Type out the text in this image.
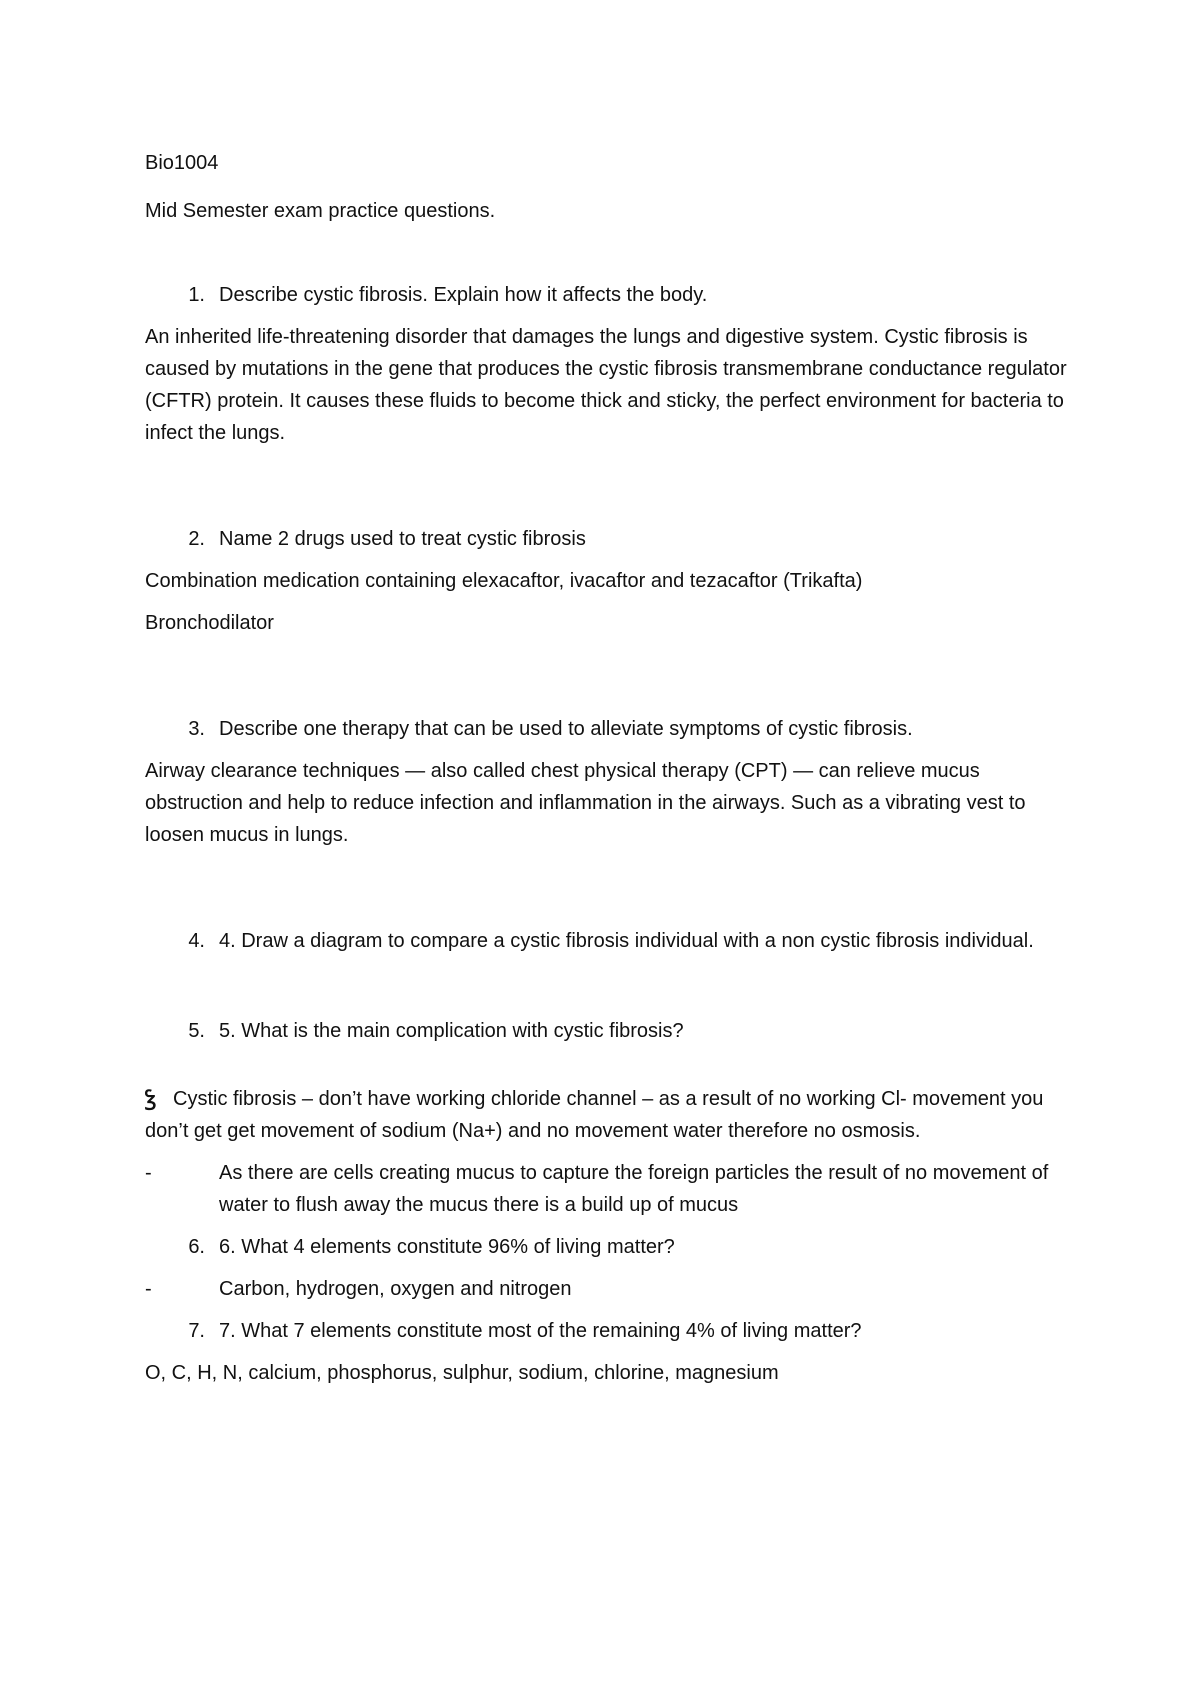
Bio1004

Mid Semester exam practice questions.

1. Describe cystic fibrosis. Explain how it affects the body.

An inherited life-threatening disorder that damages the lungs and digestive system. Cystic fibrosis is caused by mutations in the gene that produces the cystic fibrosis transmembrane conductance regulator (CFTR) protein. It causes these fluids to become thick and sticky, the perfect environment for bacteria to infect the lungs.

2. Name 2 drugs used to treat cystic fibrosis

Combination medication containing elexacaftor, ivacaftor and tezacaftor (Trikafta)

Bronchodilator

3. Describe one therapy that can be used to alleviate symptoms of cystic fibrosis.

Airway clearance techniques — also called chest physical therapy (CPT) — can relieve mucus obstruction and help to reduce infection and inflammation in the airways. Such as a vibrating vest to loosen mucus in lungs.

4. 4. Draw a diagram to compare a cystic fibrosis individual with a non cystic fibrosis individual.
5. 5. What is the main complication with cystic fibrosis?

Ꝣ Cystic fibrosis – don’t have working chloride channel – as a result of no working Cl- movement you don’t get get movement of sodium (Na+) and no movement water therefore no osmosis.

-	As there are cells creating mucus to capture the foreign particles the result of no movement of water to flush away the mucus there is a build up of mucus
6. 6. What 4 elements constitute 96% of living matter?
-	Carbon, hydrogen, oxygen and nitrogen
7. 7. What 7 elements constitute most of the remaining 4% of living matter?

O, C, H, N, calcium, phosphorus, sulphur, sodium, chlorine, magnesium
